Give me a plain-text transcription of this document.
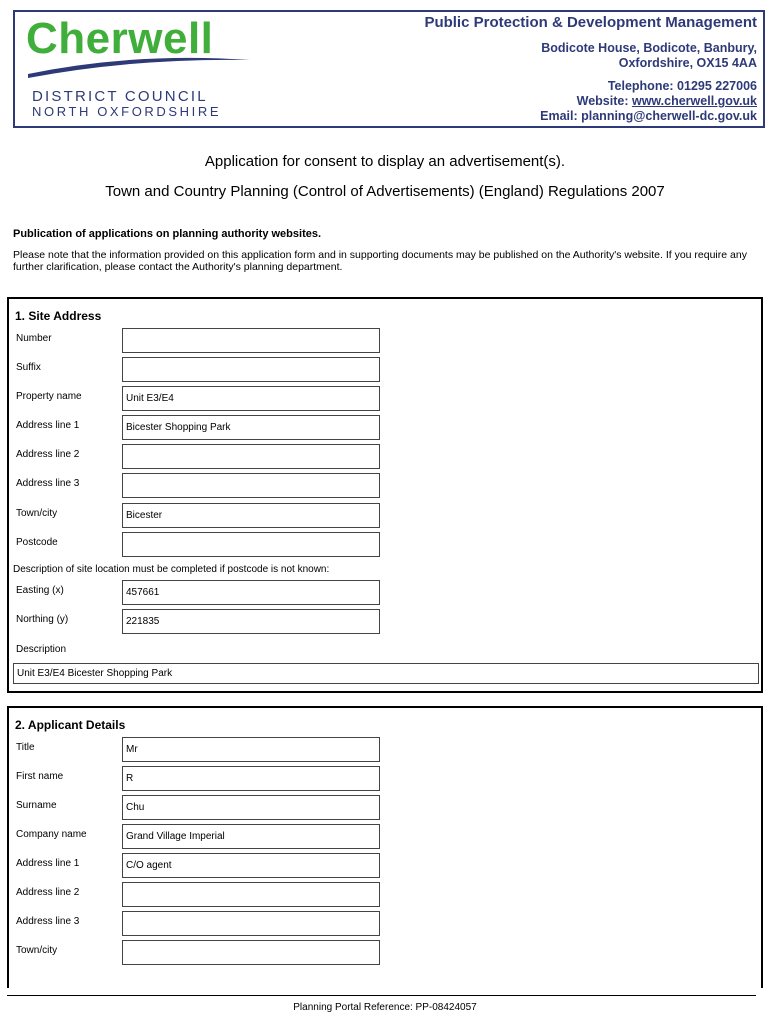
Cherwell
DISTRICT COUNCIL
NORTH OXFORDSHIRE
Public Protection & Development Management
Bodicote House, Bodicote, Banbury,
Oxfordshire, OX15 4AA
Telephone: 01295 227006
Website: www.cherwell.gov.uk
Email: planning@cherwell-dc.gov.uk
Application for consent to display an advertisement(s).
Town and Country Planning (Control of Advertisements) (England) Regulations 2007
Publication of applications on planning authority websites.
Please note that the information provided on this application form and in supporting documents may be published on the Authority's website. If you require any further clarification, please contact the Authority's planning department.
1. Site Address
Number
Suffix
Property name	Unit E3/E4
Address line 1	Bicester Shopping Park
Address line 2
Address line 3
Town/city	Bicester
Postcode
Description of site location must be completed if postcode is not known:
Easting (x)	457661
Northing (y)	221835
Description
Unit E3/E4 Bicester Shopping Park
2. Applicant Details
Title	Mr
First name	R
Surname	Chu
Company name	Grand Village Imperial
Address line 1	C/O agent
Address line 2
Address line 3
Town/city
Planning Portal Reference: PP-08424057
